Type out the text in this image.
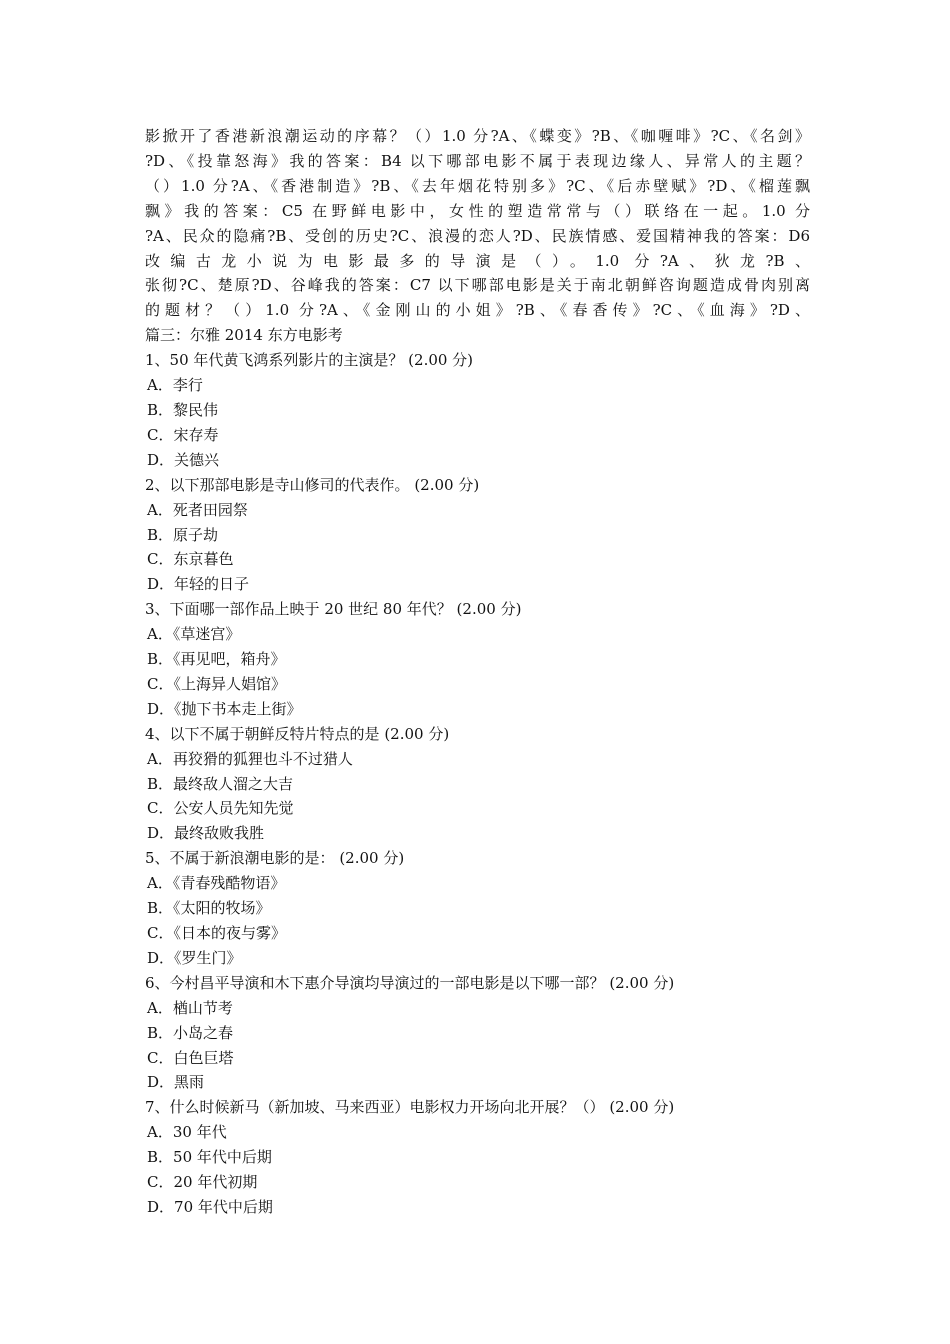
影掀开了香港新浪潮运动的序幕？（）1.0 分?A、《蝶变》?B、《咖喱啡》?C、《名剑》
?D、《投靠怒海》我的答案：B4 以下哪部电影不属于表现边缘人、异常人的主题？
（）1.0 分?A、《香港制造》?B、《去年烟花特别多》?C、《后赤壁赋》?D、《榴莲飘
飘》我的答案：C5 在野鲜电影中，女性的塑造常常与（）联络在一起。1.0 分
?A、民众的隐痛?B、受创的历史?C、浪漫的恋人?D、民族情感、爱国精神我的答案：D6
改编古龙小说为电影最多的导演是（）。1.0 分?A、狄龙?B、
张彻?C、楚原?D、谷峰我的答案：C7 以下哪部电影是关于南北朝鲜咨询题造成骨肉别离
的题材？（）1.0 分?A、《金刚山的小姐》?B、《春香传》?C、《血海》?D、
篇三：尔雅 2014 东方电影考
1、50 年代黄飞鸿系列影片的主演是？ (2.00 分)
A．李行
B．黎民伟
C．宋存寿
D．关德兴
2、以下那部电影是寺山修司的代表作。 (2.00 分)
A．死者田园祭
B．原子劫
C．东京暮色
D．年轻的日子
3、下面哪一部作品上映于 20 世纪 80 年代？ (2.00 分)
A．《草迷宫》
B．《再见吧，箱舟》
C．《上海异人娼馆》
D．《抛下书本走上街》
4、以下不属于朝鲜反特片特点的是 (2.00 分)
A．再狡猾的狐狸也斗不过猎人
B．最终敌人溜之大吉
C．公安人员先知先觉
D．最终敌败我胜
5、不属于新浪潮电影的是： (2.00 分)
A．《青春残酷物语》
B．《太阳的牧场》
C．《日本的夜与雾》
D．《罗生门》
6、今村昌平导演和木下惠介导演均导演过的一部电影是以下哪一部？ (2.00 分)
A．楢山节考
B．小岛之春
C．白色巨塔
D．黑雨
7、什么时候新马（新加坡、马来西亚）电影权力开场向北开展？（） (2.00 分)
A．30 年代
B．50 年代中后期
C．20 年代初期
D．70 年代中后期
